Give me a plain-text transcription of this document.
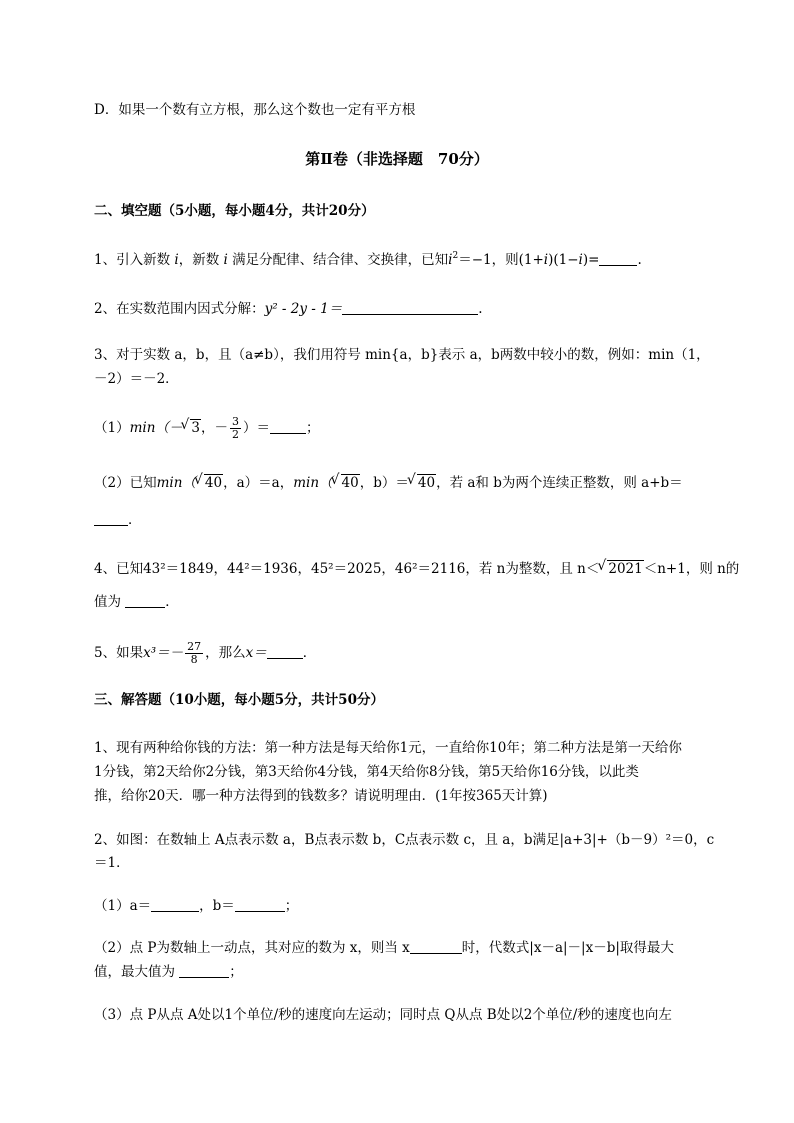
D．如果一个数有立方根，那么这个数也一定有平方根
第Ⅱ卷（非选择题　70分）
二、填空题（5小题，每小题4分，共计20分）
1、引入新数 i，新数 i 满足分配律、结合律、交换律，已知$i^2=-1$，则(1+i)(1−i)=	.
2、在实数范围内因式分解：y² - 2y - 1＝	.
3、对于实数 a，b，且（a≠b），我们用符号 min{a，b}表示 a，b两数中较小的数，例如：min（1，
－2）＝－2．
（1）min（－ √ 3，－ $\frac{3}{2}$ ）＝	；
（2）已知min（ √ 40，a）＝a，min（ √ 40，b）＝ √ 40，若 a和 b为两个连续正整数，则 a+b＝
．
4、已知43²＝1849，44²＝1936，45²＝2025，46²＝2116，若 n为整数，且 n＜ √ 2021＜n+1，则 n的
值为	．
5、如果$x^3=- \frac{27}{8}$ ，那么x＝	．
三、解答题（10小题，每小题5分，共计50分）
1、现有两种给你钱的方法：第一种方法是每天给你1元，一直给你10年；第二种方法是第一天给你
1分钱，第2天给你2分钱，第3天给你4分钱，第4天给你8分钱，第5天给你16分钱，以此类
推，给你20天．哪一种方法得到的钱数多？请说明理由．(1年按365天计算)
2、如图：在数轴上 A点表示数 a，B点表示数 b，C点表示数 c，且 a，b满足|a+3|+（b－9）²＝0，c
＝1．
（1）a＝	，b＝	；
（2）点 P为数轴上一动点，其对应的数为 x，则当 x	时，代数式|x－a|－|x－b|取得最大
值，最大值为	；
（3）点 P从点 A处以1个单位/秒的速度向左运动；同时点 Q从点 B处以2个单位/秒的速度也向左
